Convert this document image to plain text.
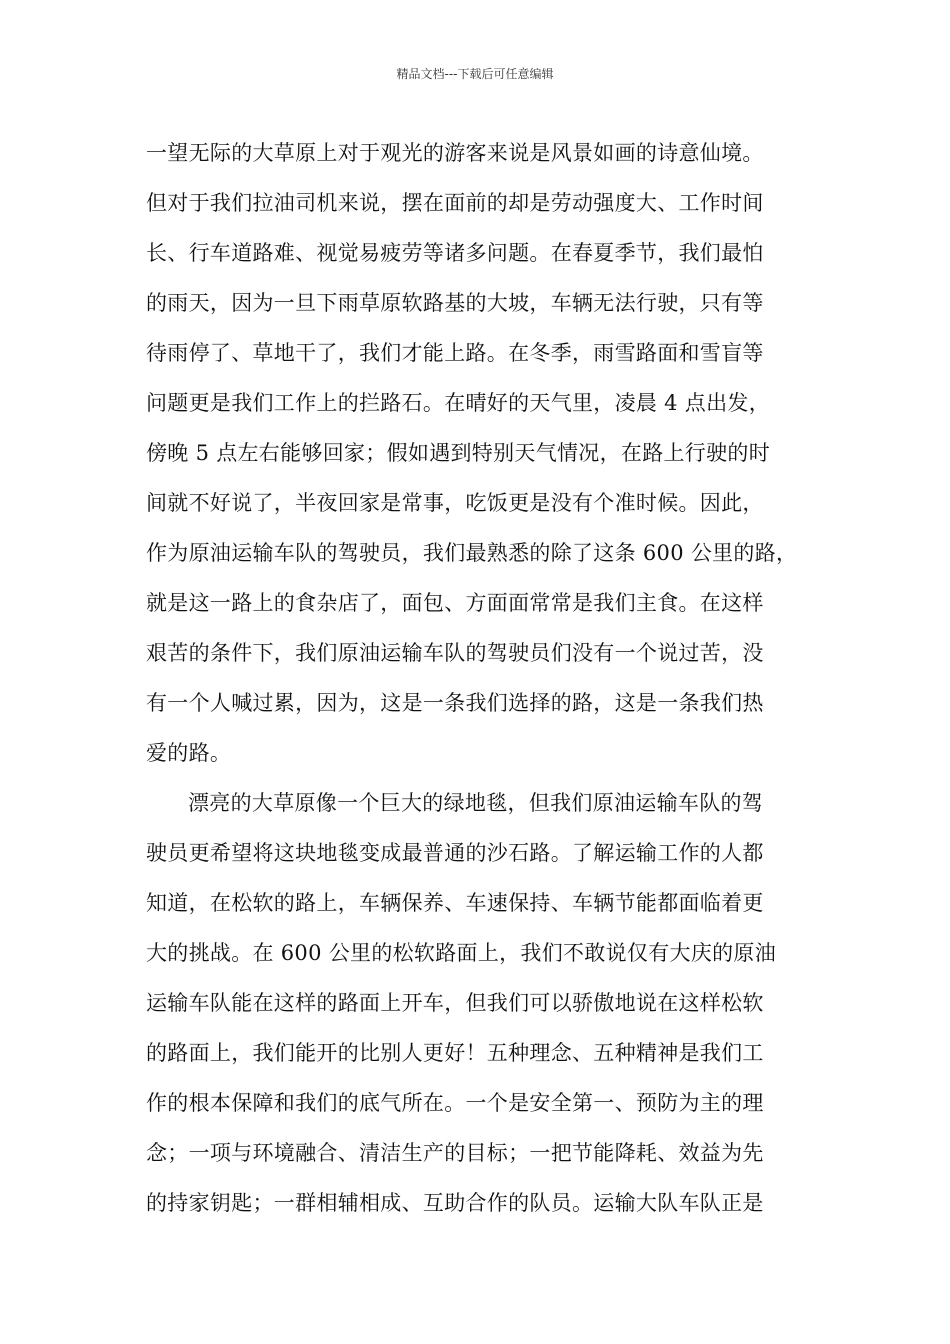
精品文档---下载后可任意编辑
一望无际的大草原上对于观光的游客来说是风景如画的诗意仙境。
但对于我们拉油司机来说，摆在面前的却是劳动强度大、工作时间
长、行车道路难、视觉易疲劳等诸多问题。在春夏季节，我们最怕
的雨天，因为一旦下雨草原软路基的大坡，车辆无法行驶，只有等
待雨停了、草地干了，我们才能上路。在冬季，雨雪路面和雪盲等
问题更是我们工作上的拦路石。在晴好的天气里，凌晨 4 点出发，
傍晚 5 点左右能够回家；假如遇到特别天气情况，在路上行驶的时
间就不好说了，半夜回家是常事，吃饭更是没有个准时候。因此，
作为原油运输车队的驾驶员，我们最熟悉的除了这条 600 公里的路，
就是这一路上的食杂店了，面包、方面面常常是我们主食。在这样
艰苦的条件下，我们原油运输车队的驾驶员们没有一个说过苦，没
有一个人喊过累，因为，这是一条我们选择的路，这是一条我们热
爱的路。
漂亮的大草原像一个巨大的绿地毯，但我们原油运输车队的驾
驶员更希望将这块地毯变成最普通的沙石路。了解运输工作的人都
知道，在松软的路上，车辆保养、车速保持、车辆节能都面临着更
大的挑战。在 600 公里的松软路面上，我们不敢说仅有大庆的原油
运输车队能在这样的路面上开车，但我们可以骄傲地说在这样松软
的路面上，我们能开的比别人更好！五种理念、五种精神是我们工
作的根本保障和我们的底气所在。一个是安全第一、预防为主的理
念；一项与环境融合、清洁生产的目标；一把节能降耗、效益为先
的持家钥匙；一群相辅相成、互助合作的队员。运输大队车队正是
